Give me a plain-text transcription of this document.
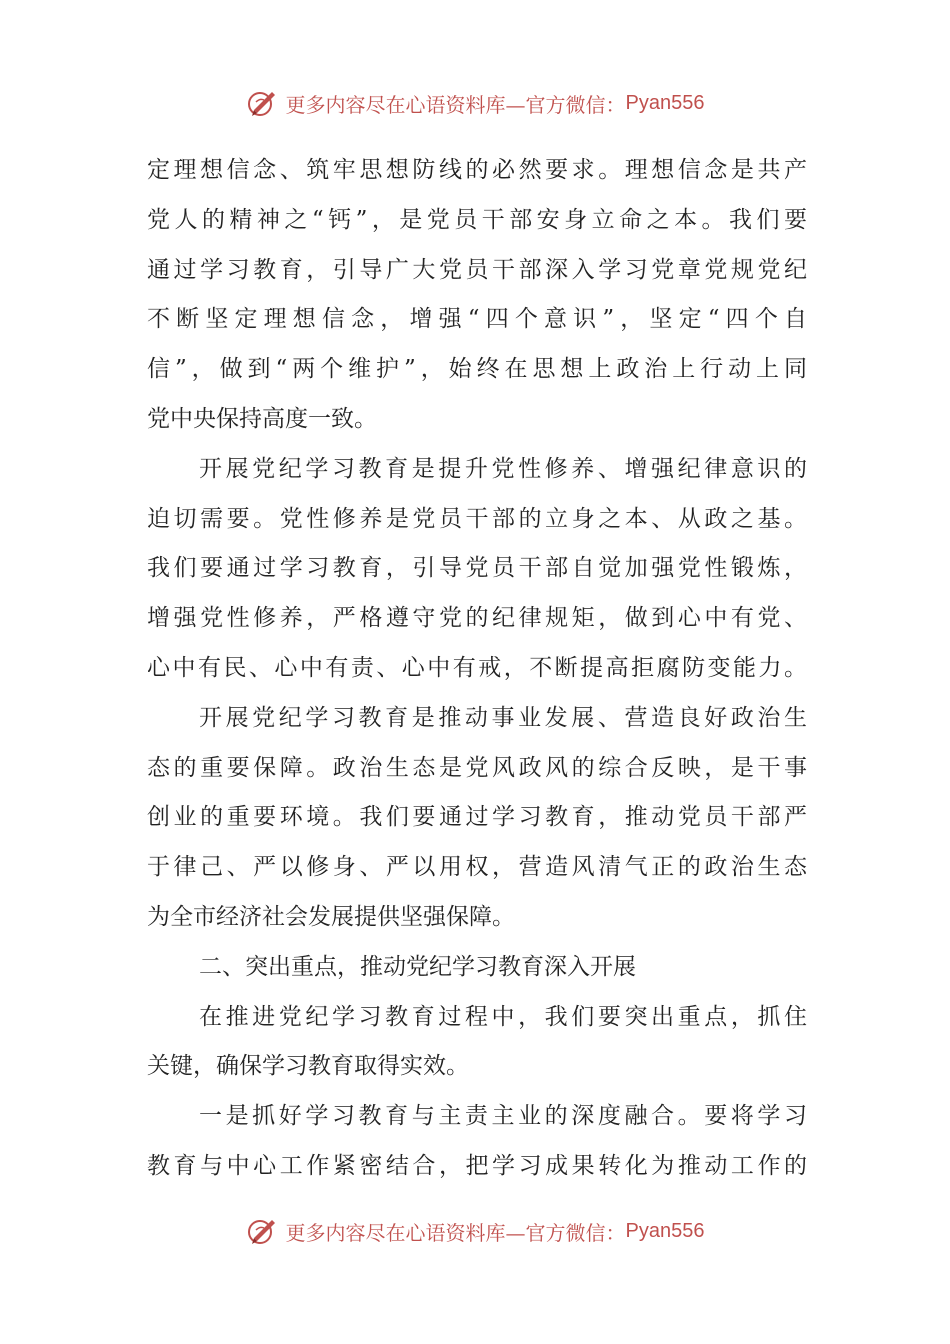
更多内容尽在心语资料库—官方微信： Pyan556
定理想信念、筑牢思想防线的必然要求。理想信念是共产
党人的精神之“钙”，是党员干部安身立命之本。我们要
通过学习教育，引导广大党员干部深入学习党章党规党纪
不断坚定理想信念，增强“四个意识”，坚定“四个自
信”，做到“两个维护”，始终在思想上政治上行动上同
党中央保持高度一致。
开展党纪学习教育是提升党性修养、增强纪律意识的
迫切需要。党性修养是党员干部的立身之本、从政之基。
我们要通过学习教育，引导党员干部自觉加强党性锻炼，
增强党性修养，严格遵守党的纪律规矩，做到心中有党、
心中有民、心中有责、心中有戒，不断提高拒腐防变能力。
开展党纪学习教育是推动事业发展、营造良好政治生
态的重要保障。政治生态是党风政风的综合反映，是干事
创业的重要环境。我们要通过学习教育，推动党员干部严
于律己、严以修身、严以用权，营造风清气正的政治生态
为全市经济社会发展提供坚强保障。
二、突出重点，推动党纪学习教育深入开展
在推进党纪学习教育过程中，我们要突出重点，抓住
关键，确保学习教育取得实效。
一是抓好学习教育与主责主业的深度融合。要将学习
教育与中心工作紧密结合，把学习成果转化为推动工作的
更多内容尽在心语资料库—官方微信： Pyan556
